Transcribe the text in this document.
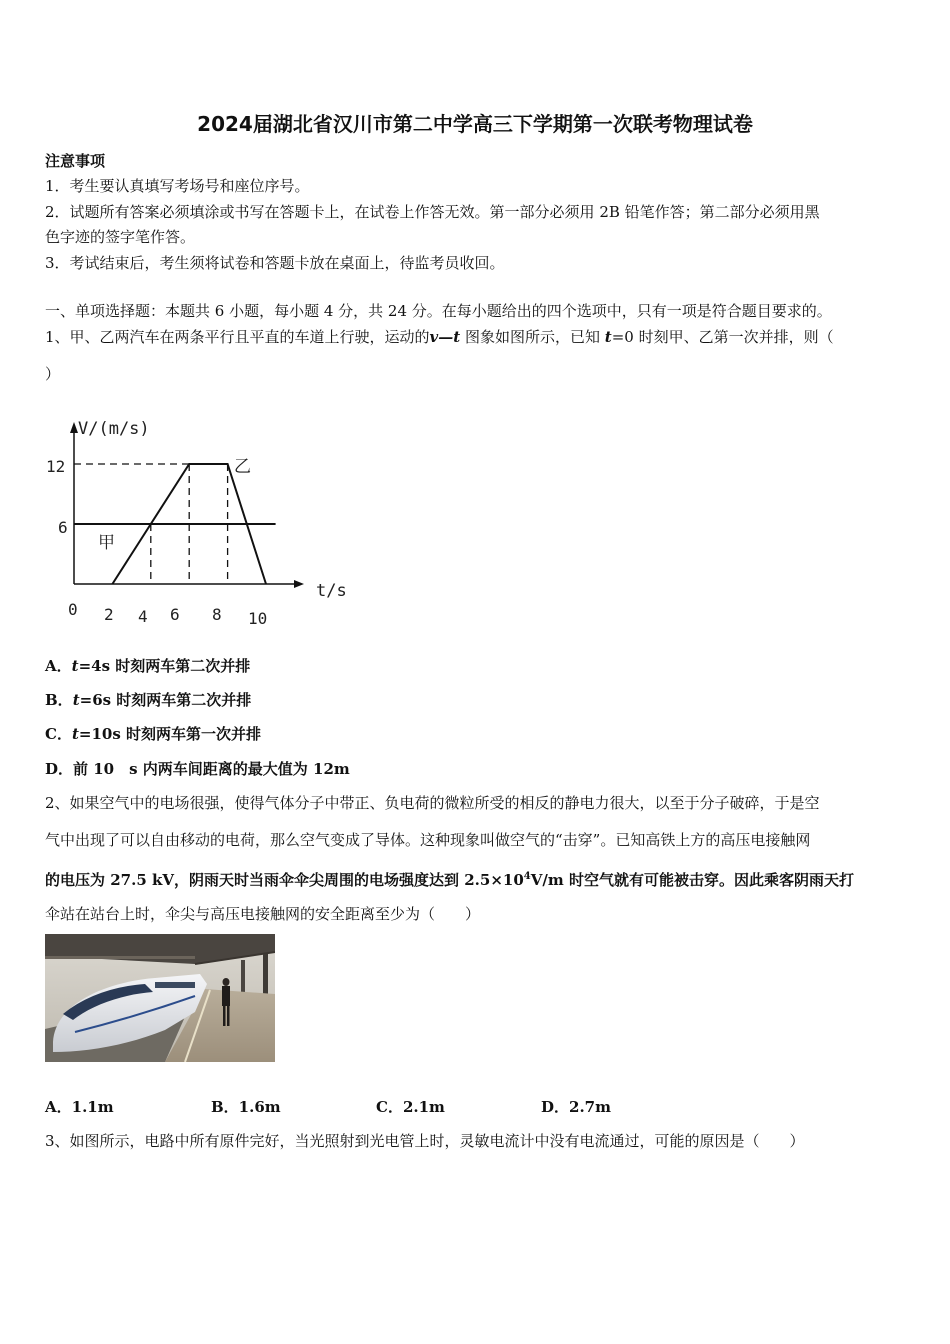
2024届湖北省汉川市第二中学高三下学期第一次联考物理试卷
注意事项
1．考生要认真填写考场号和座位序号。
2．试题所有答案必须填涂或书写在答题卡上，在试卷上作答无效。第一部分必须用 2B 铅笔作答；第二部分必须用黑
色字迹的签字笔作答。
3．考试结束后，考生须将试卷和答题卡放在桌面上，待监考员收回。
一、单项选择题：本题共 6 小题，每小题 4 分，共 24 分。在每小题给出的四个选项中，只有一项是符合题目要求的。
1、甲、乙两汽车在两条平行且平直的车道上行驶，运动的v—t 图象如图所示，已知 t=0 时刻甲、乙第一次并排，则（
）
V/(m/s)
t/s
12
6
0 2 4 6 8 10
甲
乙
A．t=4s 时刻两车第二次并排
B．t=6s 时刻两车第二次并排
C．t=10s 时刻两车第一次并排
D．前 10　s 内两车间距离的最大值为 12m
2、如果空气中的电场很强，使得气体分子中带正、负电荷的微粒所受的相反的静电力很大，以至于分子破碎，于是空
气中出现了可以自由移动的电荷，那么空气变成了导体。这种现象叫做空气的“击穿”。已知高铁上方的高压电接触网
的电压为 27.5 kV，阴雨天时当雨伞伞尖周围的电场强度达到 $2.5\times 10^4V/m$ 时空气就有可能被击穿。因此乘客阴雨天打
伞站在站台上时，伞尖与高压电接触网的安全距离至少为（　　）
A．1.1m	B．1.6m	C．2.1m	D．2.7m
3、如图所示，电路中所有原件完好，当光照射到光电管上时，灵敏电流计中没有电流通过，可能的原因是（　　）
